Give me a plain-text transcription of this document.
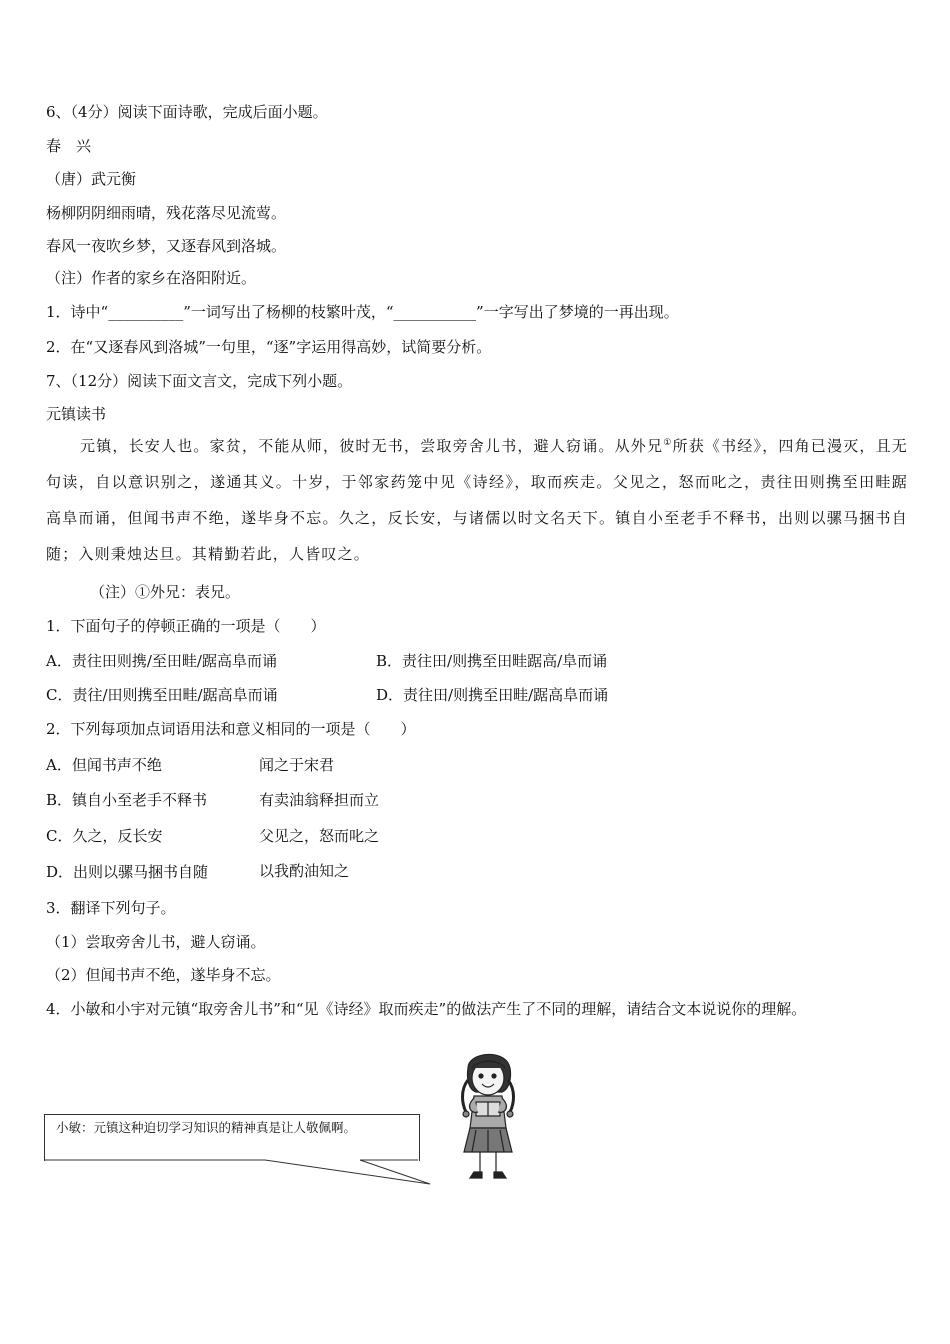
6、（4分）阅读下面诗歌，完成后面小题。
春　兴
（唐）武元衡
杨柳阴阴细雨晴，残花落尽见流莺。
春风一夜吹乡梦，又逐春风到洛城。
（注）作者的家乡在洛阳附近。
1．诗中“__________”一词写出了杨柳的枝繁叶茂，“___________”一字写出了梦境的一再出现。
2．在“又逐春风到洛城”一句里，“逐”字运用得高妙，试简要分析。
7、（12分）阅读下面文言文，完成下列小题。
元镇读书
元镇，长安人也。家贫，不能从师，彼时无书，尝取旁舍儿书，避人窃诵。从外兄①所获《书经》，四角已漫灭，且无句读，自以意识别之，遂通其义。十岁，于邻家药笼中见《诗经》，取而疾走。父见之，怒而叱之，责往田则携至田畦踞高阜而诵，但闻书声不绝，遂毕身不忘。久之，反长安，与诸儒以时文名天下。镇自小至老手不释书，出则以骡马捆书自随；入则秉烛达旦。其精勤若此，人皆叹之。
（注）①外兄：表兄。
1．下面句子的停顿正确的一项是（　　）
A．责往田则携/至田畦/踞高阜而诵	B．责往田/则携至田畦踞高/阜而诵
C．责往/田则携至田畦/踞高阜而诵	D．责往田/则携至田畦/踞高阜而诵
2．下列每项加点词语用法和意义相同的一项是（　　）
A．但闻书声不绝	闻之于宋君
B．镇自小至老手不释书	有卖油翁释担而立
C．久之，反长安	父见之，怒而叱之
D．出则以骡马捆书自随	以我酌油知之
3．翻译下列句子。
（1）尝取旁舍儿书，避人窃诵。
（2）但闻书声不绝，遂毕身不忘。
4．小敏和小宇对元镇“取旁舍儿书”和“见《诗经》取而疾走”的做法产生了不同的理解，请结合文本说说你的理解。
小敏：元镇这种迫切学习知识的精神真是让人敬佩啊。
